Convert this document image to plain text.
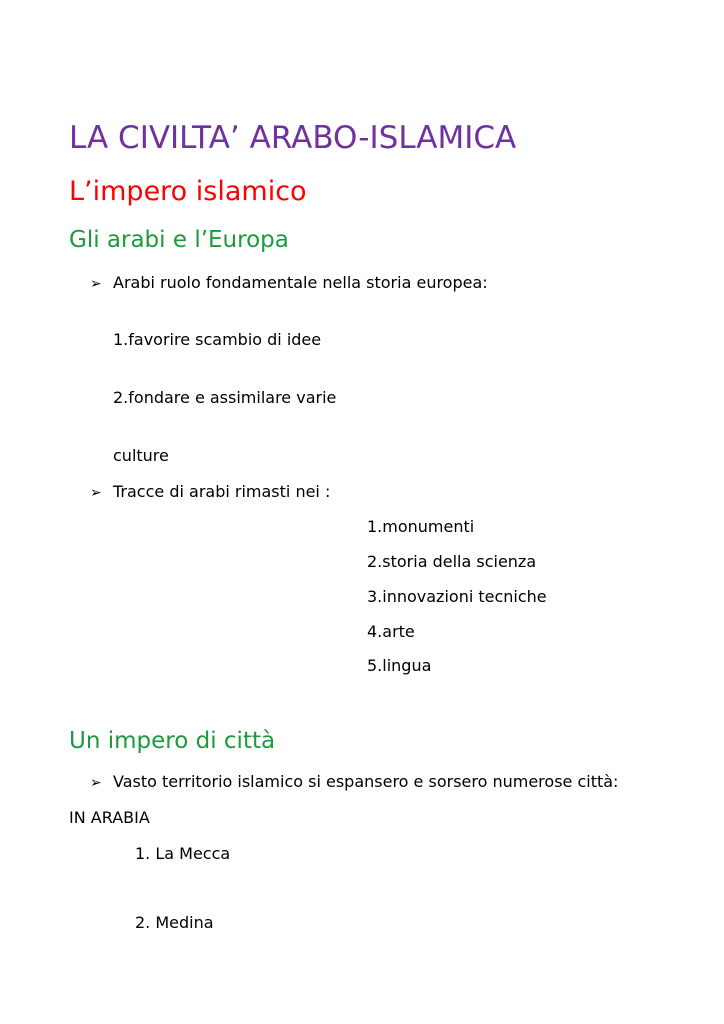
LA CIVILTA’ ARABO-ISLAMICA
L’impero islamico
Gli arabi e l’Europa
➢ Arabi ruolo fondamentale nella storia europea:
1.favorire scambio di idee
2.fondare e assimilare varie
culture
➢ Tracce di arabi rimasti nei :
1.monumenti
2.storia della scienza
3.innovazioni tecniche
4.arte
5.lingua
Un impero di città
➢ Vasto territorio islamico si espansero e sorsero numerose città:
IN ARABIA
1. La Mecca
2. Medina
